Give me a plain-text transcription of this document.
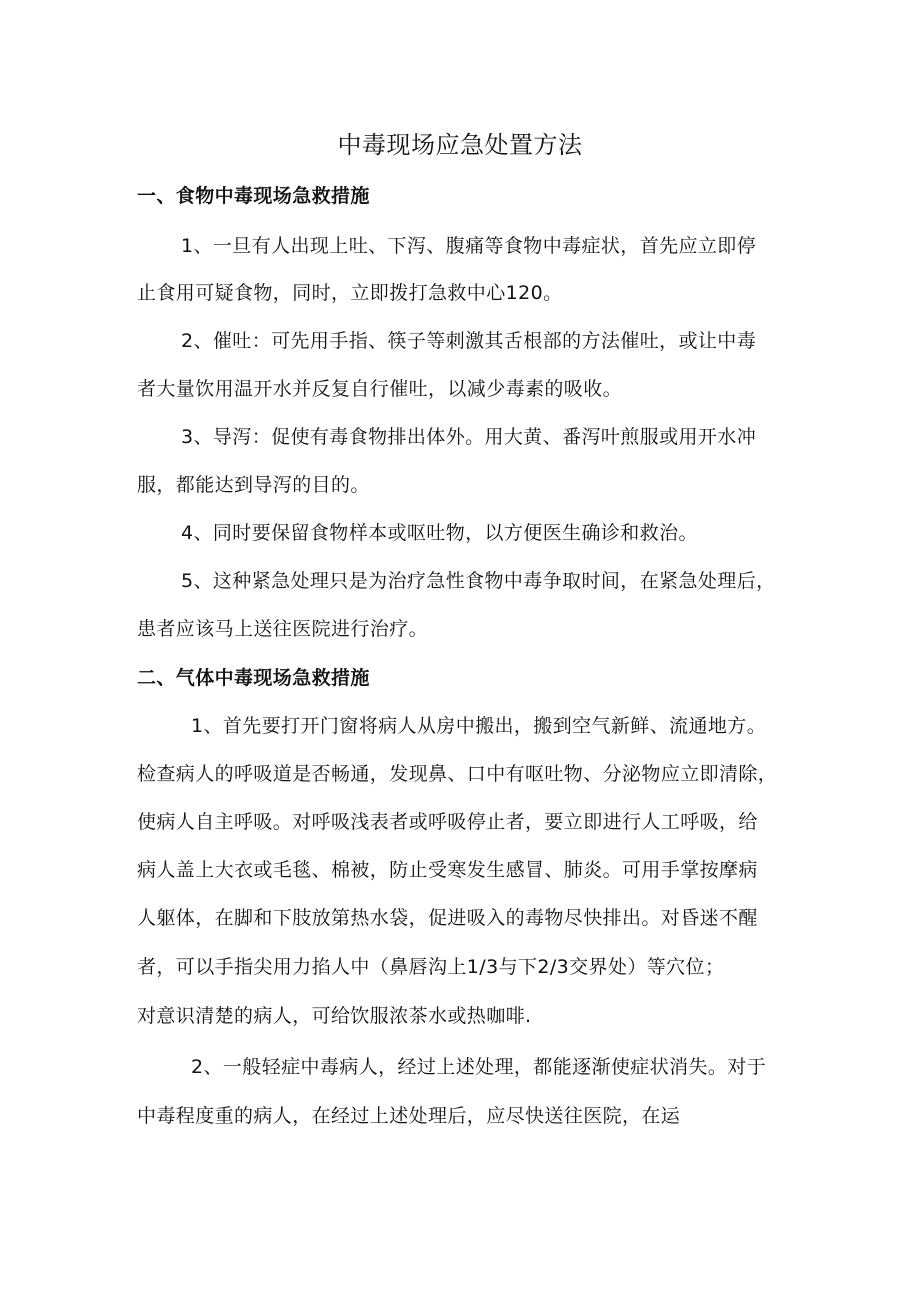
中毒现场应急处置方法
一、食物中毒现场急救措施
1、一旦有人出现上吐、下泻、腹痛等食物中毒症状，首先应立即停
止食用可疑食物，同时，立即拨打急救中心120。
2、催吐：可先用手指、筷子等刺激其舌根部的方法催吐，或让中毒
者大量饮用温开水并反复自行催吐，以减少毒素的吸收。
3、导泻：促使有毒食物排出体外。用大黄、番泻叶煎服或用开水冲
服，都能达到导泻的目的。
4、同时要保留食物样本或呕吐物，以方便医生确诊和救治。
5、这种紧急处理只是为治疗急性食物中毒争取时间，在紧急处理后，
患者应该马上送往医院进行治疗。
二、气体中毒现场急救措施
1、首先要打开门窗将病人从房中搬出，搬到空气新鲜、流通地方。
检查病人的呼吸道是否畅通，发现鼻、口中有呕吐物、分泌物应立即清除，
使病人自主呼吸。对呼吸浅表者或呼吸停止者，要立即进行人工呼吸，给
病人盖上大衣或毛毯、棉被，防止受寒发生感冒、肺炎。可用手掌按摩病
人躯体，在脚和下肢放第热水袋，促进吸入的毒物尽快排出。对昏迷不醒
者，可以手指尖用力掐人中（鼻唇沟上1/3与下2/3交界处）等穴位；
对意识清楚的病人，可给饮服浓茶水或热咖啡.
2、一般轻症中毒病人，经过上述处理，都能逐渐使症状消失。对于
中毒程度重的病人，在经过上述处理后，应尽快送往医院，在运
